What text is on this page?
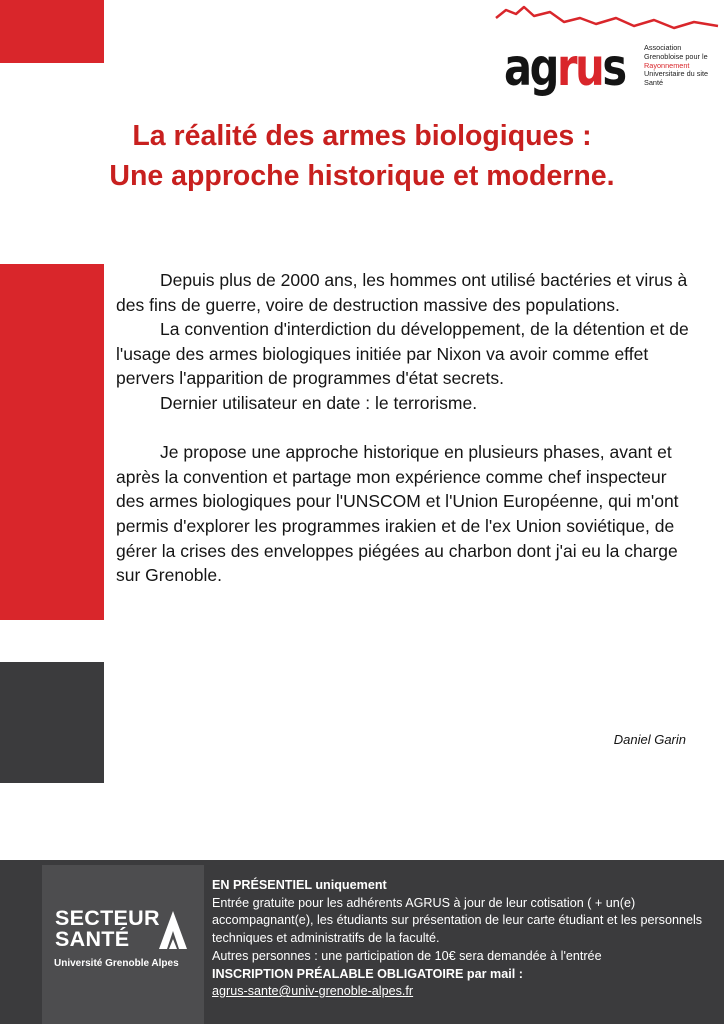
agrus	Association
Grenobloise pour le
Rayonnement
Universitaire du site
Santé
La réalité des armes biologiques :
Une approche historique et moderne.

Depuis plus de 2000 ans, les hommes ont utilisé bactéries et virus à des fins de guerre, voire de destruction massive des populations.

La convention d'interdiction du développement, de la détention et de l'usage des armes biologiques initiée par Nixon va avoir comme effet pervers l'apparition de programmes d'état secrets.

Dernier utilisateur en date : le terrorisme.

Je propose une approche historique en plusieurs phases, avant et après la convention et partage mon expérience comme chef inspecteur des armes biologiques pour l'UNSCOM et l'Union Européenne, qui m'ont permis d'explorer les programmes irakien et de l'ex Union soviétique, de gérer la crises des enveloppes piégées au charbon dont j'ai eu la charge sur Grenoble.

Daniel Garin
SECTEUR
SANTÉ
Université Grenoble Alpes
EN PRÉSENTIEL uniquement
Entrée gratuite pour les adhérents AGRUS à jour de leur cotisation ( + un(e) accompagnant(e), les étudiants sur présentation de leur carte étudiant et les personnels techniques et administratifs de la faculté.
Autres personnes : une participation de 10€ sera demandée à l'entrée
INSCRIPTION PRÉALABLE OBLIGATOIRE par mail :
agrus-sante@univ-grenoble-alpes.fr
